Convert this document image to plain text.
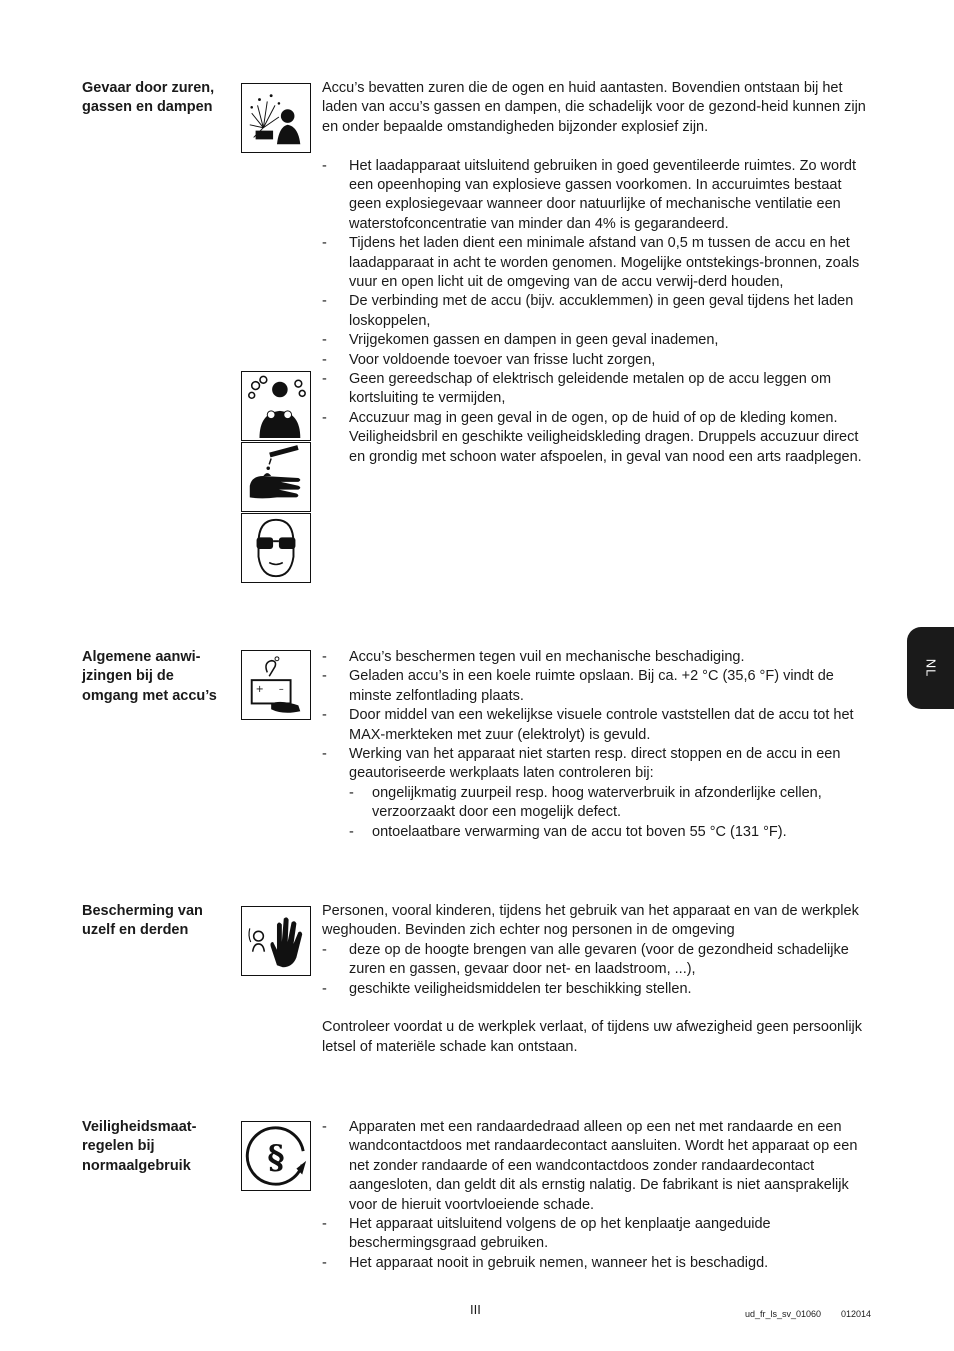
Gevaar door zuren, gassen en dampen

Accu’s bevatten zuren die de ogen en huid aantasten. Bovendien ontstaan bij het laden van accu’s gassen en dampen, die schadelijk voor de gezond-heid kunnen zijn en onder bepaalde omstandigheden bijzonder explosief zijn.

- Het laadapparaat uitsluitend gebruiken in goed geventileerde ruimtes. Zo wordt een opeenhoping van explosieve gassen voorkomen. In accuruimtes bestaat geen explosiegevaar wanneer door natuurlijke of mechanische ventilatie een waterstofconcentratie van minder dan 4% is gegarandeerd.
- Tijdens het laden dient een minimale afstand van 0,5 m tussen de accu en het laadapparaat in acht te worden genomen. Mogelijke ontstekings-bronnen, zoals vuur en open licht uit de omgeving van de accu verwij-derd houden,
- De verbinding met de accu (bijv. accuklemmen) in geen geval tijdens het laden loskoppelen,
- Vrijgekomen gassen en dampen in geen geval inademen,
- Voor voldoende toevoer van frisse lucht zorgen,
- Geen gereedschap of elektrisch geleidende metalen op de accu leggen om kortsluiting te vermijden,
- Accuzuur mag in geen geval in de ogen, op de huid of op de kleding komen. Veiligheidsbril en geschikte veiligheidskleding dragen. Druppels accuzuur direct en grondig met schoon water afspoelen, in geval van nood een arts raadplegen.
Algemene aanwi-jzingen bij de omgang met accu’s	+ –
- Accu’s beschermen tegen vuil en mechanische beschadiging.
- Geladen accu’s in een koele ruimte opslaan. Bij ca. +2 °C (35,6 °F) vindt de minste zelfontlading plaats.
- Door middel van een wekelijkse visuele controle vaststellen dat de accu tot het MAX-merkteken met zuur (elektrolyt) is gevuld.
- Werking van het apparaat niet starten resp. direct stoppen en de accu in een geautoriseerde werkplaats laten controleren bij:
- ongelijkmatig zuurpeil resp. hoog waterverbruik in afzonderlijke cellen, verzoorzaakt door een mogelijk defect.
- ontoelaatbare verwarming van de accu tot boven 55 °C (131 °F).
Bescherming van uzelf en derden

Personen, vooral kinderen, tijdens het gebruik van het apparaat en van de werkplek weghouden. Bevinden zich echter nog personen in de omgeving

- deze op de hoogte brengen van alle gevaren (voor de gezondheid schadelijke zuren en gassen, gevaar door net- en laadstroom, ...),
- geschikte veiligheidsmiddelen ter beschikking stellen.

Controleer voordat u de werkplek verlaat, of tijdens uw afwezigheid geen persoonlijk letsel of materiële schade kan ontstaan.

Veiligheidsmaat-regelen bij normaalgebruik	§
- Apparaten met een randaardedraad alleen op een net met randaarde en een wandcontactdoos met randaardecontact aansluiten. Wordt het apparaat op een net zonder randaarde of een wandcontactdoos zonder randaardecontact aangesloten, dan geldt dit als ernstig nalatig. De fabrikant is niet aansprakelijk voor de hieruit voortvloeiende schade.
- Het apparaat uitsluitend volgens de op het kenplaatje aangeduide beschermingsgraad gebruiken.
- Het apparaat nooit in gebruik nemen, wanneer het is beschadigd.
NL
III	ud_fr_ls_sv_01060 012014
